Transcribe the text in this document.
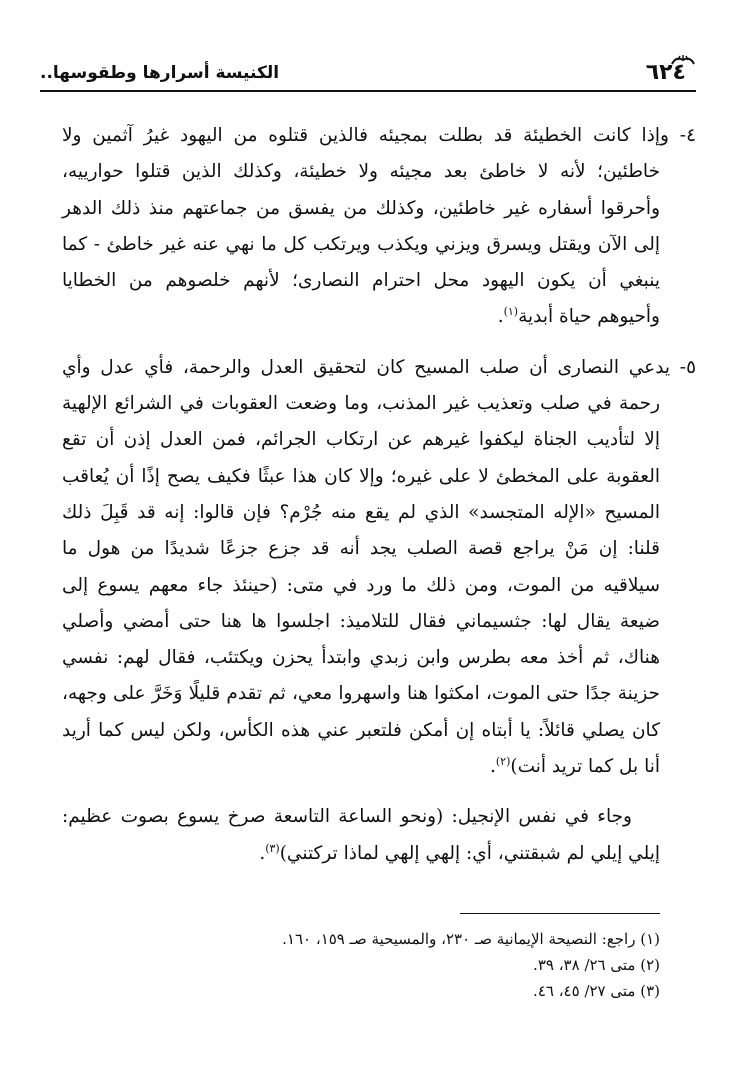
٦٢٤
الكنيسة أسرارها وطقوسها..

٤- وإذا كانت الخطيئة قد بطلت بمجيئه فالذين قتلوه من اليهود غيرُ آثمين ولا خاطئين؛ لأنه لا خاطئ بعد مجيئه ولا خطيئة، وكذلك الذين قتلوا حوارييه، وأحرقوا أسفاره غير خاطئين، وكذلك من يفسق من جماعتهم منذ ذلك الدهر إلى الآن ويقتل ويسرق ويزني ويكذب ويرتكب كل ما نهي عنه غير خاطئ - كما ينبغي أن يكون اليهود محل احترام النصارى؛ لأنهم خلصوهم من الخطايا وأحيوهم حياة أبدية$^{(١)}$.

٥- يدعي النصارى أن صلب المسيح كان لتحقيق العدل والرحمة، فأي عدل وأي رحمة في صلب وتعذيب غير المذنب، وما وضعت العقوبات في الشرائع الإلهية إلا لتأديب الجناة ليكفوا غيرهم عن ارتكاب الجرائم، فمن العدل إذن أن تقع العقوبة على المخطئ لا على غيره؛ وإلا كان هذا عبثًا فكيف يصح إذًا أن يُعاقب المسيح «الإله المتجسد» الذي لم يقع منه جُرْم؟ فإن قالوا: إنه قد قَبِلَ ذلك قلنا: إن مَنْ يراجع قصة الصلب يجد أنه قد جزع جزعًا شديدًا من هول ما سيلاقيه من الموت، ومن ذلك ما ورد في متى: (حينئذ جاء معهم يسوع إلى ضيعة يقال لها: جثسيماني فقال للتلاميذ: اجلسوا ها هنا حتى أمضي وأصلي هناك، ثم أخذ معه بطرس وابن زبدي وابتدأ يحزن ويكتئب، فقال لهم: نفسي حزينة جدًا حتى الموت، امكثوا هنا واسهروا معي، ثم تقدم قليلًا وَخَرَّ على وجهه، كان يصلي قائلاً: يا أبتاه إن أمكن فلتعبر عني هذه الكأس، ولكن ليس كما أريد أنا بل كما تريد أنت)$^{(٢)}$.

وجاء في نفس الإنجيل: (ونحو الساعة التاسعة صرخ يسوع بصوت عظيم: إيلي إيلي لم شبقتني، أي: إلهي إلهي لماذا تركتني)$^{(٣)}$.

(١) راجع: النصيحة الإيمانية صـ ٢٣٠، والمسيحية صـ ١٥٩، ١٦٠.
(٢) متى ٢٦/ ٣٨، ٣٩.
(٣) متى ٢٧/ ٤٥، ٤٦.
